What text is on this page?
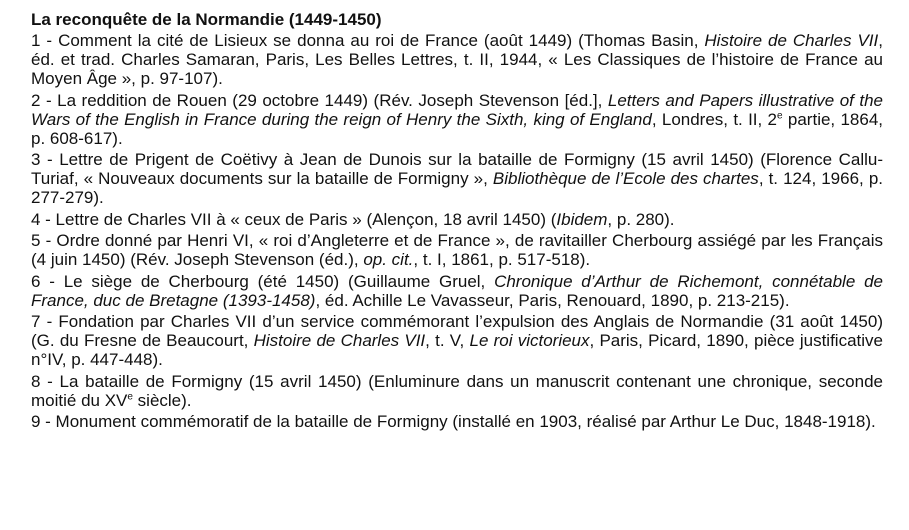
La reconquête de la Normandie (1449-1450)

1 - Comment la cité de Lisieux se donna au roi de France (août 1449) (Thomas Basin, Histoire de Charles VII, éd. et trad. Charles Samaran, Paris, Les Belles Lettres, t. II, 1944, « Les Classiques de l’histoire de France au Moyen Âge », p. 97-107).

2 - La reddition de Rouen (29 octobre 1449) (Rév. Joseph Stevenson [éd.], Letters and Papers illustrative of the Wars of the English in France during the reign of Henry the Sixth, king of England, Londres, t. II, 2e partie, 1864, p. 608-617).

3 - Lettre de Prigent de Coëtivy à Jean de Dunois sur la bataille de Formigny (15 avril 1450) (Florence Callu-Turiaf, « Nouveaux documents sur la bataille de Formigny », Bibliothèque de l’Ecole des chartes, t. 124, 1966, p. 277-279).

4 - Lettre de Charles VII à « ceux de Paris » (Alençon, 18 avril 1450) (Ibidem, p. 280).

5 - Ordre donné par Henri VI, « roi d’Angleterre et de France », de ravitailler Cherbourg assiégé par les Français (4 juin 1450) (Rév. Joseph Stevenson (éd.), op. cit., t. I, 1861, p. 517-518).

6 - Le siège de Cherbourg (été 1450) (Guillaume Gruel, Chronique d’Arthur de Richemont, connétable de France, duc de Bretagne (1393-1458), éd. Achille Le Vavasseur, Paris, Renouard, 1890, p. 213-215).

7 - Fondation par Charles VII d’un service commémorant l’expulsion des Anglais de Normandie (31 août 1450) (G. du Fresne de Beaucourt, Histoire de Charles VII, t. V, Le roi victorieux, Paris, Picard, 1890, pièce justificative n°IV, p. 447-448).

8 - La bataille de Formigny (15 avril 1450) (Enluminure dans un manuscrit contenant une chronique, seconde moitié du XVe siècle).

9 - Monument commémoratif de la bataille de Formigny (installé en 1903, réalisé par Arthur Le Duc, 1848-1918).
